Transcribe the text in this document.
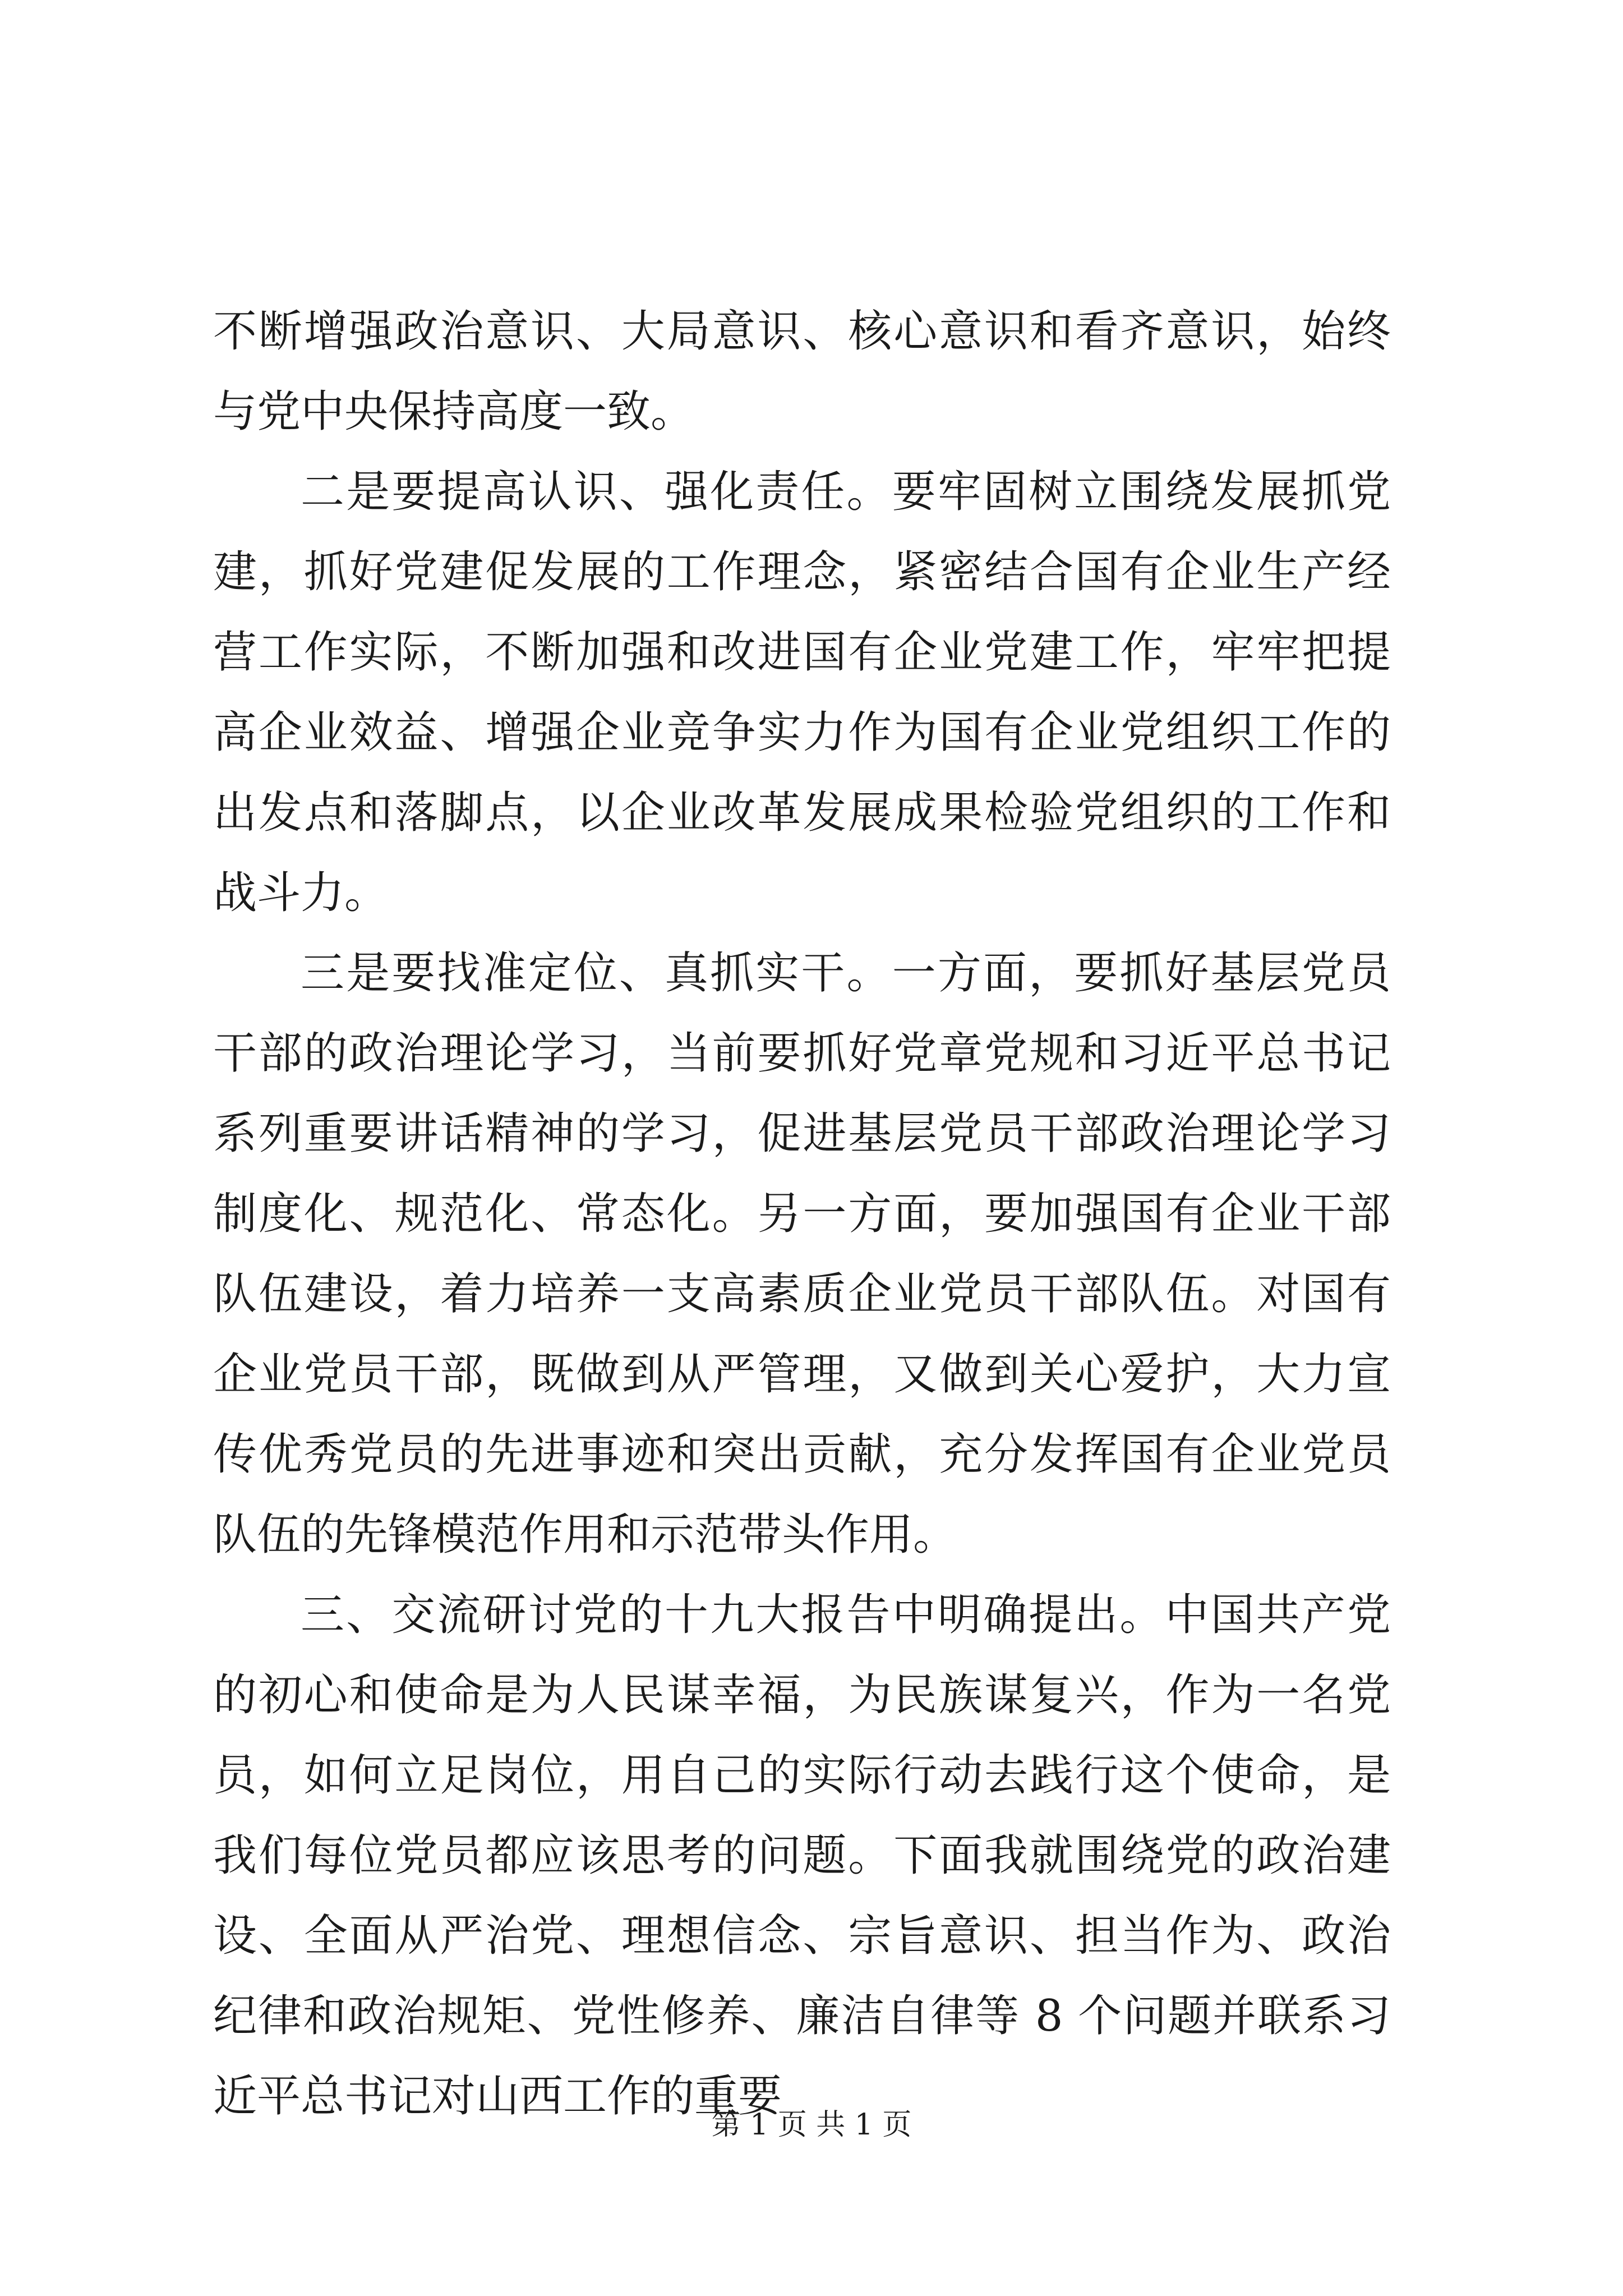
不断增强政治意识、大局意识、核心意识和看齐意识，始终与党中央保持高度一致。

二是要提高认识、强化责任。要牢固树立围绕发展抓党建，抓好党建促发展的工作理念，紧密结合国有企业生产经营工作实际，不断加强和改进国有企业党建工作，牢牢把提高企业效益、增强企业竞争实力作为国有企业党组织工作的出发点和落脚点，以企业改革发展成果检验党组织的工作和战斗力。

三是要找准定位、真抓实干。一方面，要抓好基层党员干部的政治理论学习，当前要抓好党章党规和习近平总书记系列重要讲话精神的学习，促进基层党员干部政治理论学习制度化、规范化、常态化。另一方面，要加强国有企业干部队伍建设，着力培养一支高素质企业党员干部队伍。对国有企业党员干部，既做到从严管理，又做到关心爱护，大力宣传优秀党员的先进事迹和突出贡献，充分发挥国有企业党员队伍的先锋模范作用和示范带头作用。

三、交流研讨党的十九大报告中明确提出。中国共产党的初心和使命是为人民谋幸福，为民族谋复兴，作为一名党员，如何立足岗位，用自己的实际行动去践行这个使命，是我们每位党员都应该思考的问题。下面我就围绕党的政治建设、全面从严治党、理想信念、宗旨意识、担当作为、政治纪律和政治规矩、党性修养、廉洁自律等 8 个问题并联系习近平总书记对山西工作的重要

第 1 页 共 1 页
